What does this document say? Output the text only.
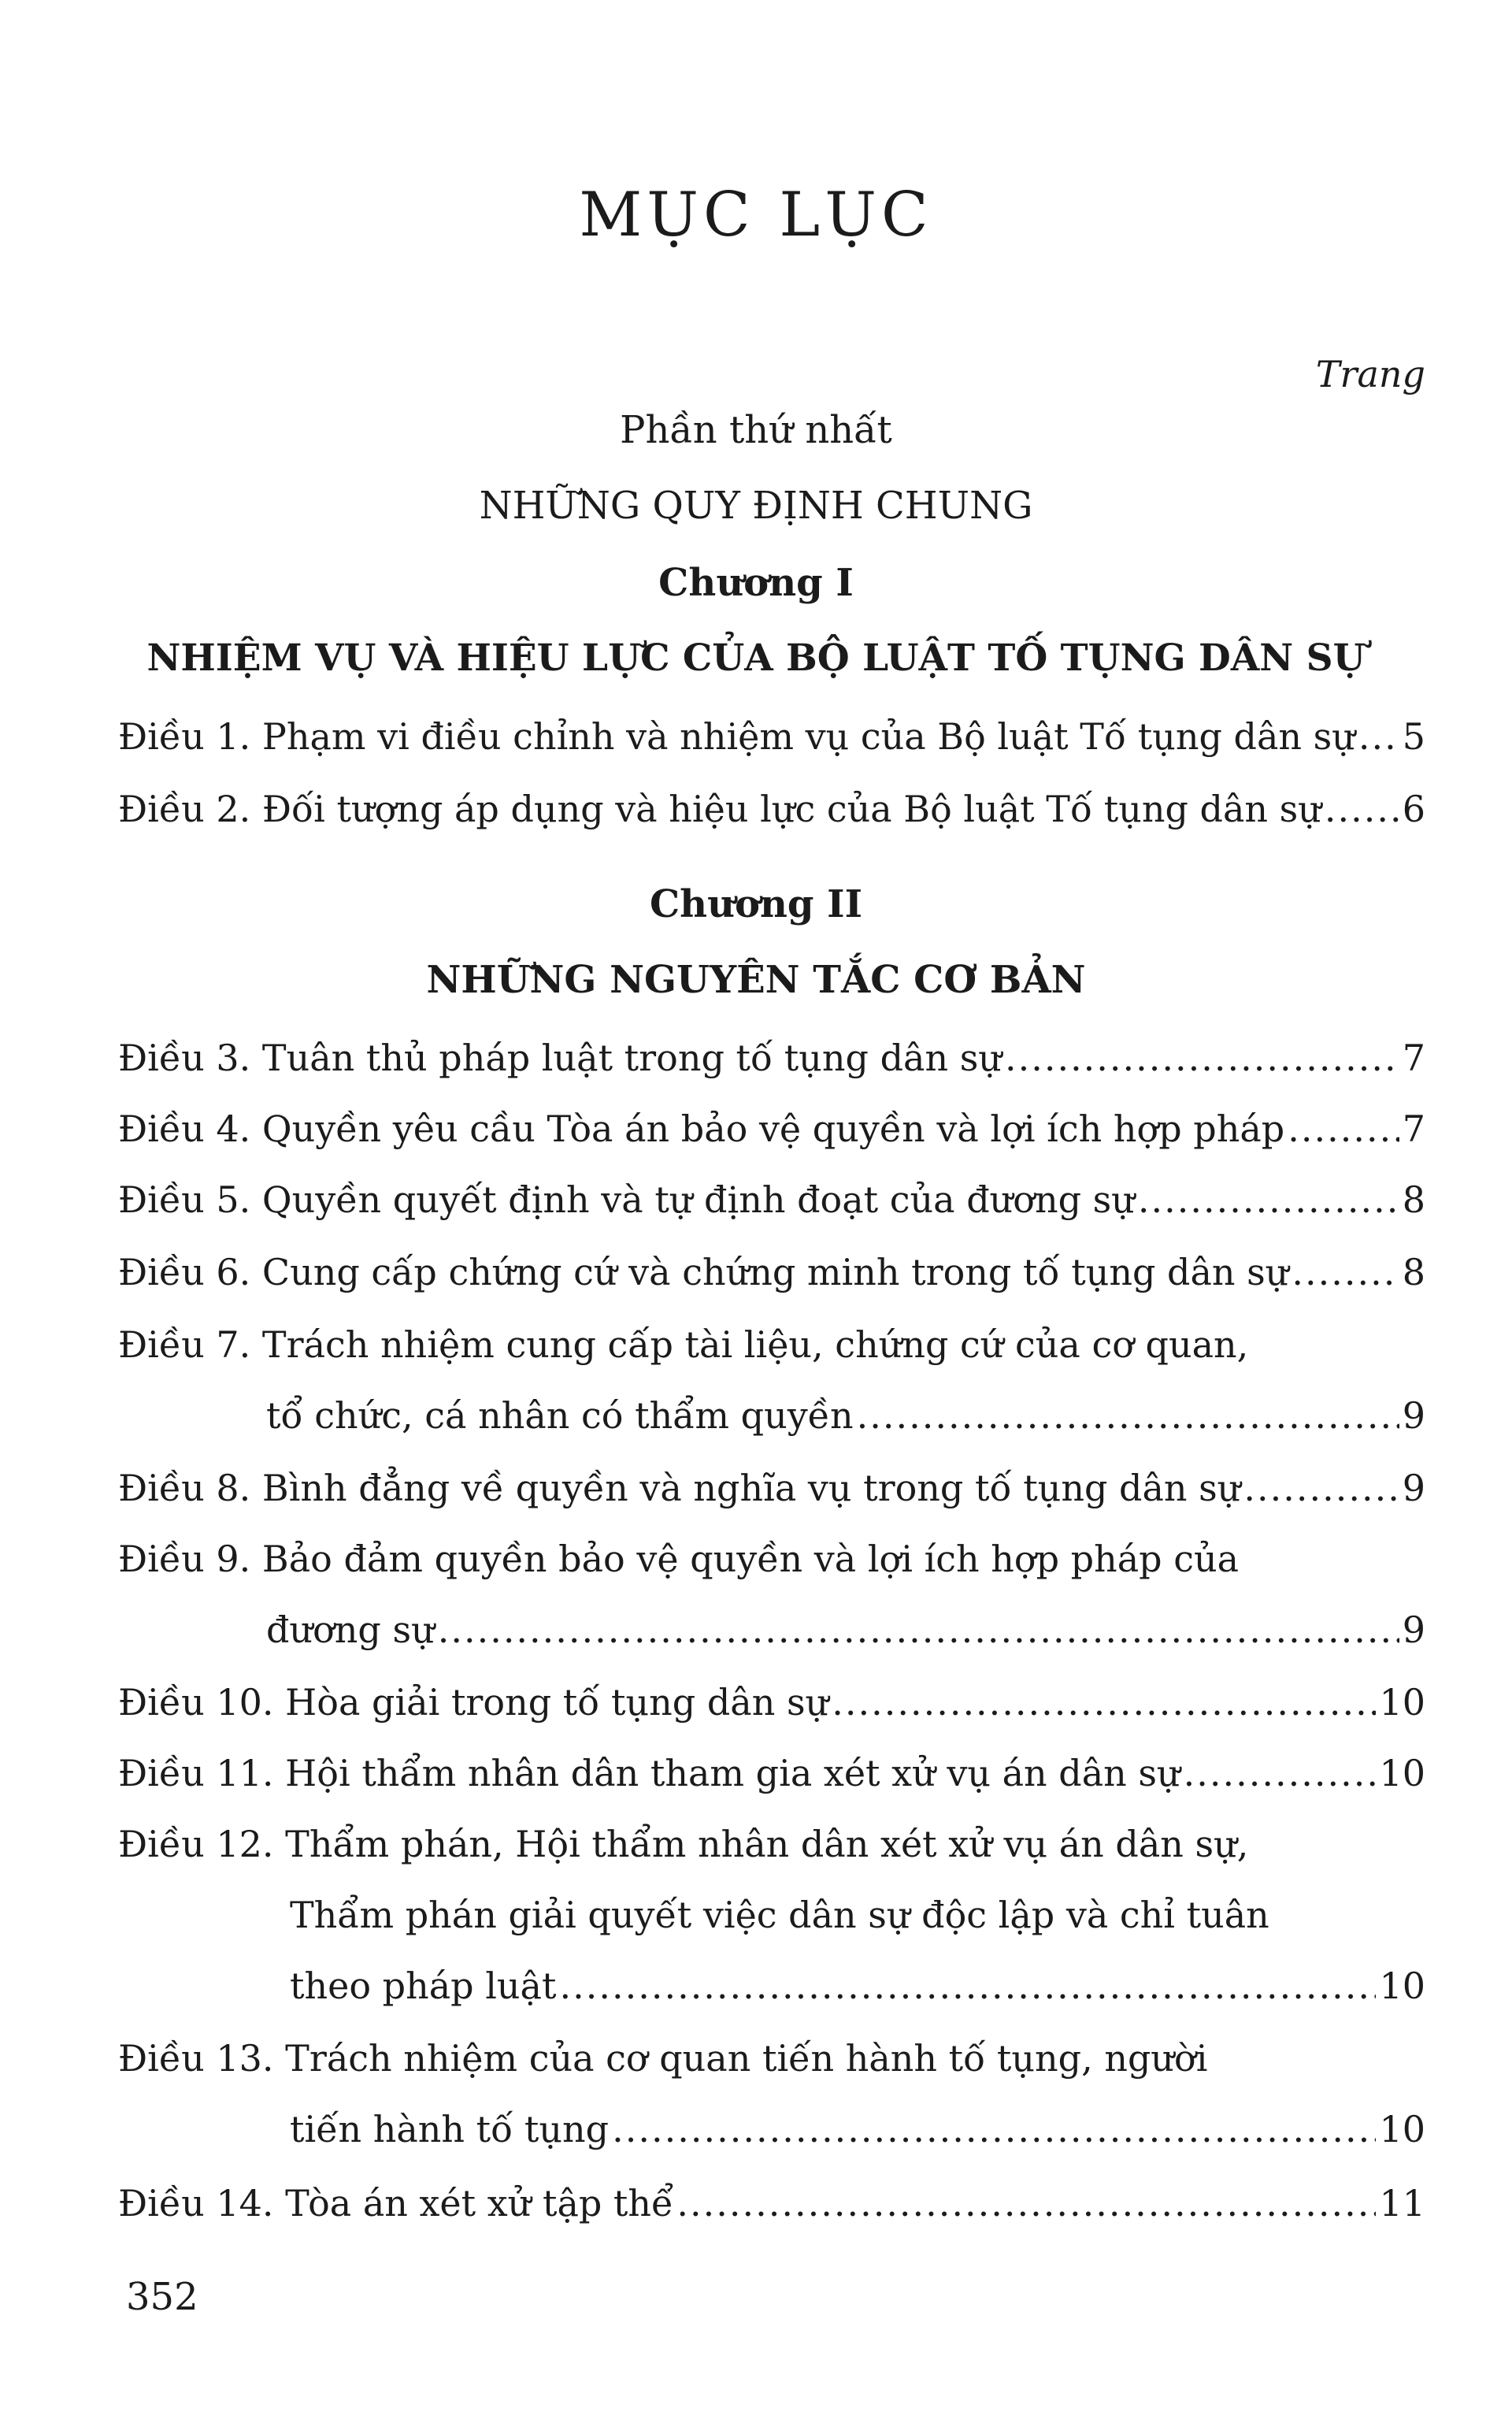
MỤC LỤC
Trang
Phần thứ nhất
NHỮNG QUY ĐỊNH CHUNG
Chương I
NHIỆM VỤ VÀ HIỆU LỰC CỦA BỘ LUẬT TỐ TỤNG DÂN SỰ
Điều 1.
Phạm vi điều chỉnh và nhiệm vụ của Bộ luật Tố tụng dân sự ..... 5
Điều 2.
Đối tượng áp dụng và hiệu lực của Bộ luật Tố tụng dân sự ..... 6
Chương II
NHỮNG NGUYÊN TẮC CƠ BẢN
Điều 3.
Tuân thủ pháp luật trong tố tụng dân sự .....	7
Điều 4.
Quyền yêu cầu Tòa án bảo vệ quyền và lợi ích hợp pháp .....	7
Điều 5.
Quyền quyết định và tự định đoạt của đương sự .....	8
Điều 6.
Cung cấp chứng cứ và chứng minh trong tố tụng dân sự .....	8
Điều 7.
Trách nhiệm cung cấp tài liệu, chứng cứ của cơ quan,
tổ chức, cá nhân có thẩm quyền .....	9
Điều 8.
Bình đẳng về quyền và nghĩa vụ trong tố tụng dân sự .....	9
Điều 9.
Bảo đảm quyền bảo vệ quyền và lợi ích hợp pháp của
đương sự .....	9
Điều 10.
Hòa giải trong tố tụng dân sự .....	10
Điều 11.
Hội thẩm nhân dân tham gia xét xử vụ án dân sự .....	10
Điều 12.
Thẩm phán, Hội thẩm nhân dân xét xử vụ án dân sự,
Thẩm phán giải quyết việc dân sự độc lập và chỉ tuân
theo pháp luật .....	10
Điều 13.
Trách nhiệm của cơ quan tiến hành tố tụng, người
tiến hành tố tụng .....	10
Điều 14.
Tòa án xét xử tập thể .....	11
352
